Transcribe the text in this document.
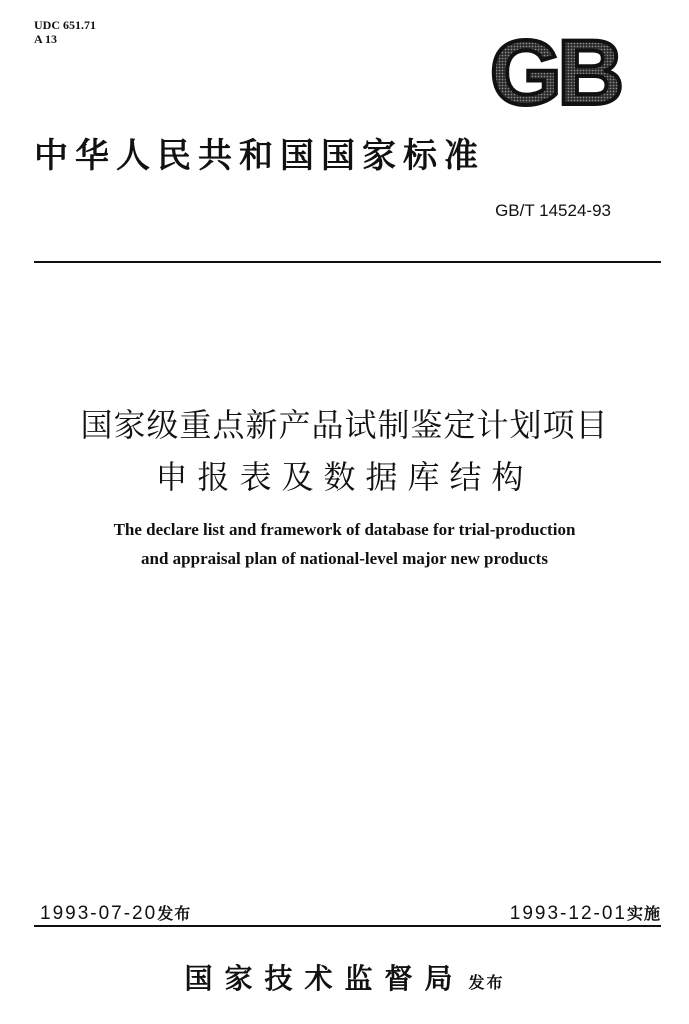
UDC 651.71
A 13	GB
中华人民共和国国家标准
GB/T 14524-93
国家级重点新产品试制鉴定计划项目
申报表及数据库结构
The declare list and framework of database for trial-production
and appraisal plan of national-level major new products
1993-07-20发布	1993-12-01实施
国家技术监督局 发布
